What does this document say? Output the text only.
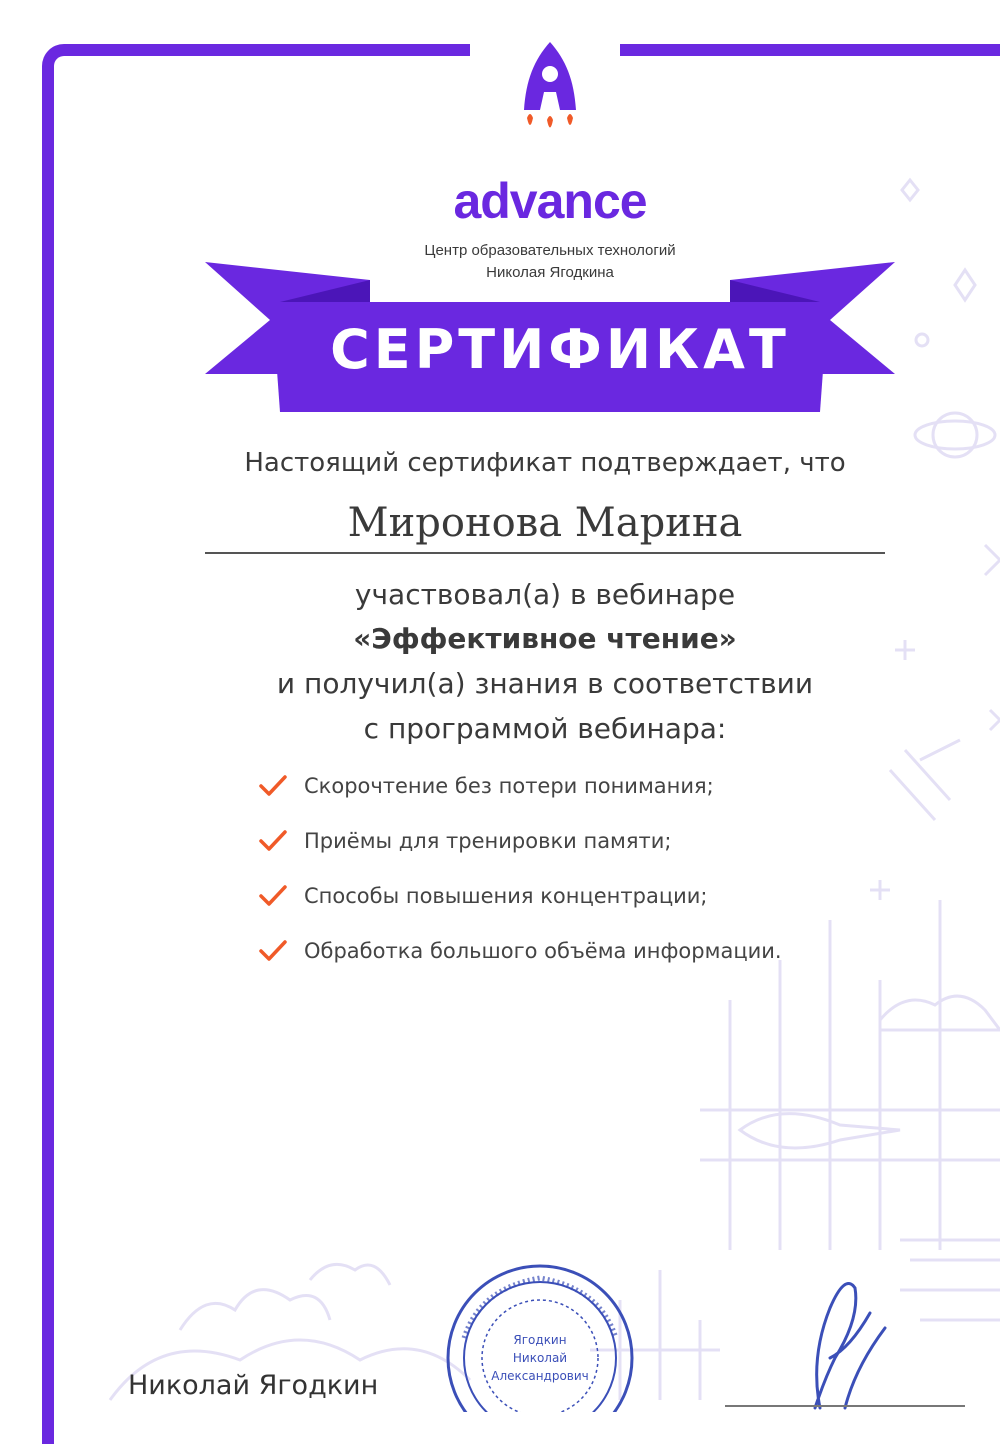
advance
Центр образовательных технологий
Николая Ягодкина
СЕРТИФИКАТ
Настоящий сертификат подтверждает, что
Миронова Марина
участвовал(а) в вебинаре
«Эффективное чтение»
и получил(а) знания в соответствии
с программой вебинара:
Скорочтение без потери понимания;
Приёмы для тренировки памяти;
Способы повышения концентрации;
Обработка большого объёма информации.
Ягодкин
Николай
Александрович
Николай Ягодкин
